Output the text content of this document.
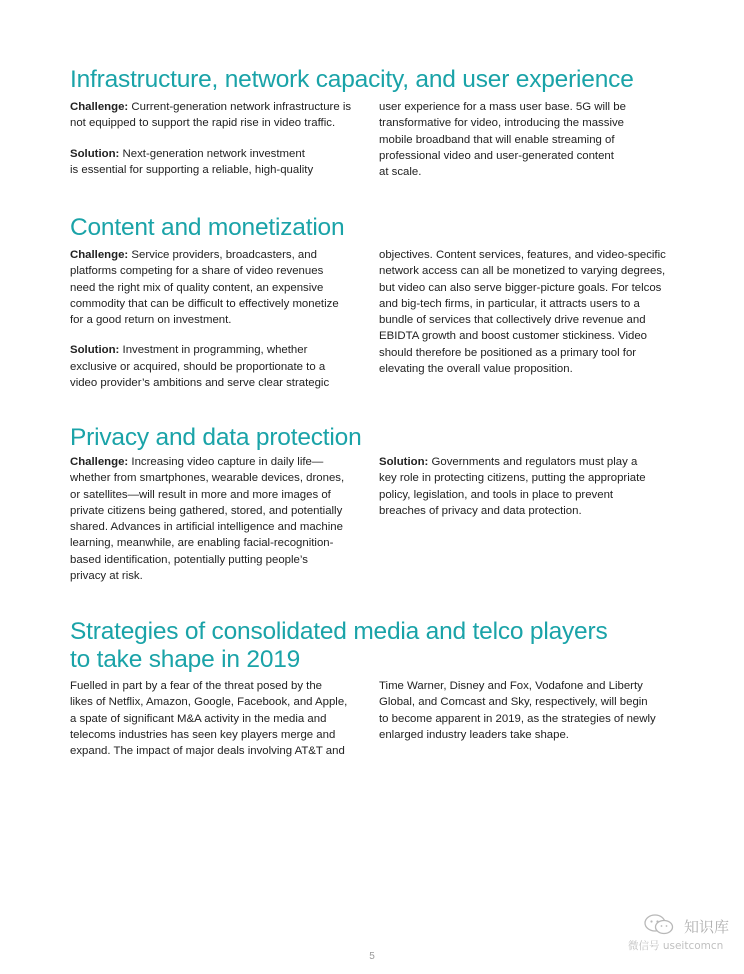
Infrastructure, network capacity, and user experience
Challenge: Current-generation network infrastructure is
not equipped to support the rapid rise in video traffic.
Solution: Next-generation network investment
is essential for supporting a reliable, high-quality
user experience for a mass user base. 5G will be
transformative for video, introducing the massive
mobile broadband that will enable streaming of
professional video and user-generated content
at scale.
Content and monetization
Challenge: Service providers, broadcasters, and
platforms competing for a share of video revenues
need the right mix of quality content, an expensive
commodity that can be difficult to effectively monetize
for a good return on investment.
Solution: Investment in programming, whether
exclusive or acquired, should be proportionate to a
video provider’s ambitions and serve clear strategic
objectives. Content services, features, and video-specific
network access can all be monetized to varying degrees,
but video can also serve bigger-picture goals. For telcos
and big-tech firms, in particular, it attracts users to a
bundle of services that collectively drive revenue and
EBIDTA growth and boost customer stickiness. Video
should therefore be positioned as a primary tool for
elevating the overall value proposition.
Privacy and data protection
Challenge: Increasing video capture in daily life—
whether from smartphones, wearable devices, drones,
or satellites—will result in more and more images of
private citizens being gathered, stored, and potentially
shared. Advances in artificial intelligence and machine
learning, meanwhile, are enabling facial-recognition-
based identification, potentially putting people’s
privacy at risk.
Solution: Governments and regulators must play a
key role in protecting citizens, putting the appropriate
policy, legislation, and tools in place to prevent
breaches of privacy and data protection.
Strategies of consolidated media and telco players
to take shape in 2019
Fuelled in part by a fear of the threat posed by the
likes of Netflix, Amazon, Google, Facebook, and Apple,
a spate of significant M&A activity in the media and
telecoms industries has seen key players merge and
expand. The impact of major deals involving AT&T and
Time Warner, Disney and Fox, Vodafone and Liberty
Global, and Comcast and Sky, respectively, will begin
to become apparent in 2019, as the strategies of newly
enlarged industry leaders take shape.
知识库
微信号 useitcomcn
5
